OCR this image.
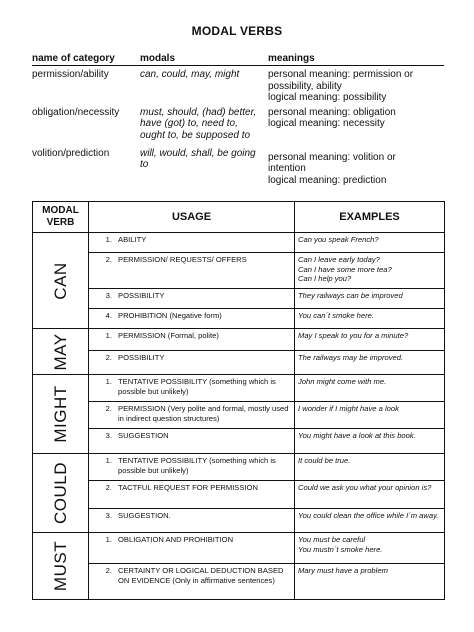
MODAL VERBS
name of category	modals	meanings
permission/ability	can, could, may, might	personal meaning: permission or
possibility, ability
logical meaning: possibility

obligation/necessity	must, should, (had) better, have (got) to, need to, ought to, be supposed to	personal meaning: obligation
logical meaning: necessity

volition/prediction	will, would, shall, be going to	personal meaning: volition or
intention
logical meaning: prediction
MODAL VERB	USAGE	EXAMPLES

CAN	1. ABILITY	Can you speak French?

	2. PERMISSION/ REQUESTS/ OFFERS	Can I leave early today?
Can I have some more tea?
Can I help you?

	3. POSSIBILITY	They railways can be improved

	4. PROHIBITION (Negative form)	You can´t smoke here.

MAY	1. PERMISSION (Formal, polite)	May I speak to you for a minute?

	2. POSSIBILITY	The railways may be improved.

MIGHT	1. TENTATIVE POSSIBILITY (something which is possible but unlikely)	John might come with me.

	2. PERMISSION (Very polite and formal, mostly used in indirect question structures)	I wonder if I might have a look

	3. SUGGESTION	You might have a look at this book.

COULD	1. TENTATIVE POSSIBILITY (something which is possible but unlikely)	It could be true.

	2. TACTFUL REQUEST FOR PERMISSION	Could we ask you what your opinion is?

	3. SUGGESTION.	You could clean the office while I´m away.

MUST	1. OBLIGATION AND PROHIBITION	You must be careful
You mustn´t smoke here.

	2. CERTAINTY OR LOGICAL DEDUCTION BASED ON EVIDENCE (Only in affirmative sentences)	Mary must have a problem
